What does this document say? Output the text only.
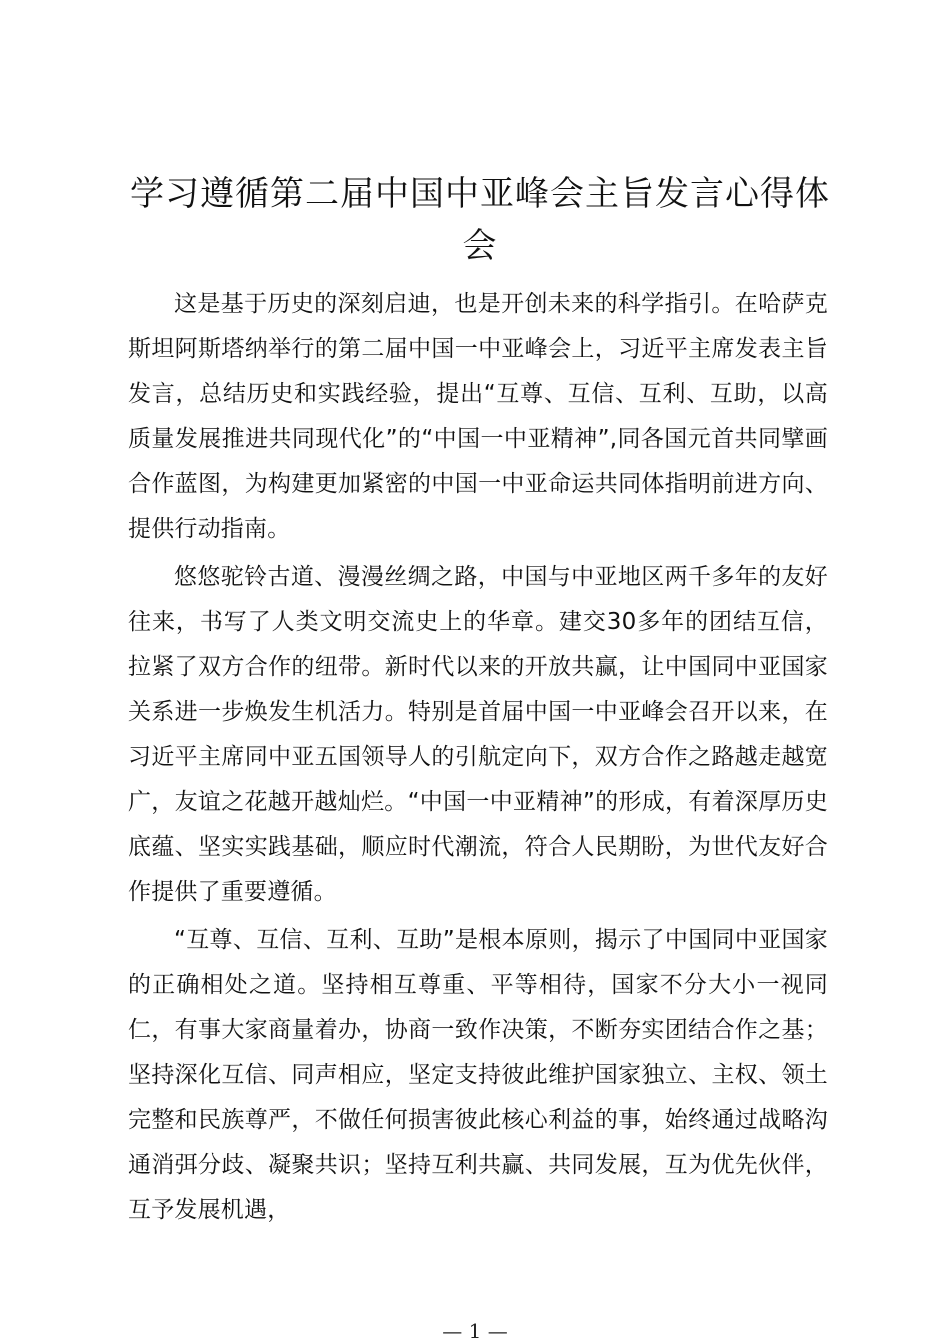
学习遵循第二届中国中亚峰会主旨发言心得体会

这是基于历史的深刻启迪，也是开创未来的科学指引。在哈萨克斯坦阿斯塔纳举行的第二届中国一中亚峰会上，习近平主席发表主旨发言，总结历史和实践经验，提出“互尊、互信、互利、互助，以高质量发展推进共同现代化”的“中国一中亚精神”,同各国元首共同擘画合作蓝图，为构建更加紧密的中国一中亚命运共同体指明前进方向、提供行动指南。

悠悠驼铃古道、漫漫丝绸之路，中国与中亚地区两千多年的友好往来，书写了人类文明交流史上的华章。建交30多年的团结互信，拉紧了双方合作的纽带。新时代以来的开放共赢，让中国同中亚国家关系进一步焕发生机活力。特别是首届中国一中亚峰会召开以来，在习近平主席同中亚五国领导人的引航定向下，双方合作之路越走越宽广，友谊之花越开越灿烂。“中国一中亚精神”的形成，有着深厚历史底蕴、坚实实践基础，顺应时代潮流，符合人民期盼，为世代友好合作提供了重要遵循。

“互尊、互信、互利、互助”是根本原则，揭示了中国同中亚国家的正确相处之道。坚持相互尊重、平等相待，国家不分大小一视同仁，有事大家商量着办，协商一致作决策，不断夯实团结合作之基；坚持深化互信、同声相应，坚定支持彼此维护国家独立、主权、领土完整和民族尊严，不做任何损害彼此核心利益的事，始终通过战略沟通消弭分歧、凝聚共识；坚持互利共赢、共同发展，互为优先伙伴，互予发展机遇，

— 1 —
